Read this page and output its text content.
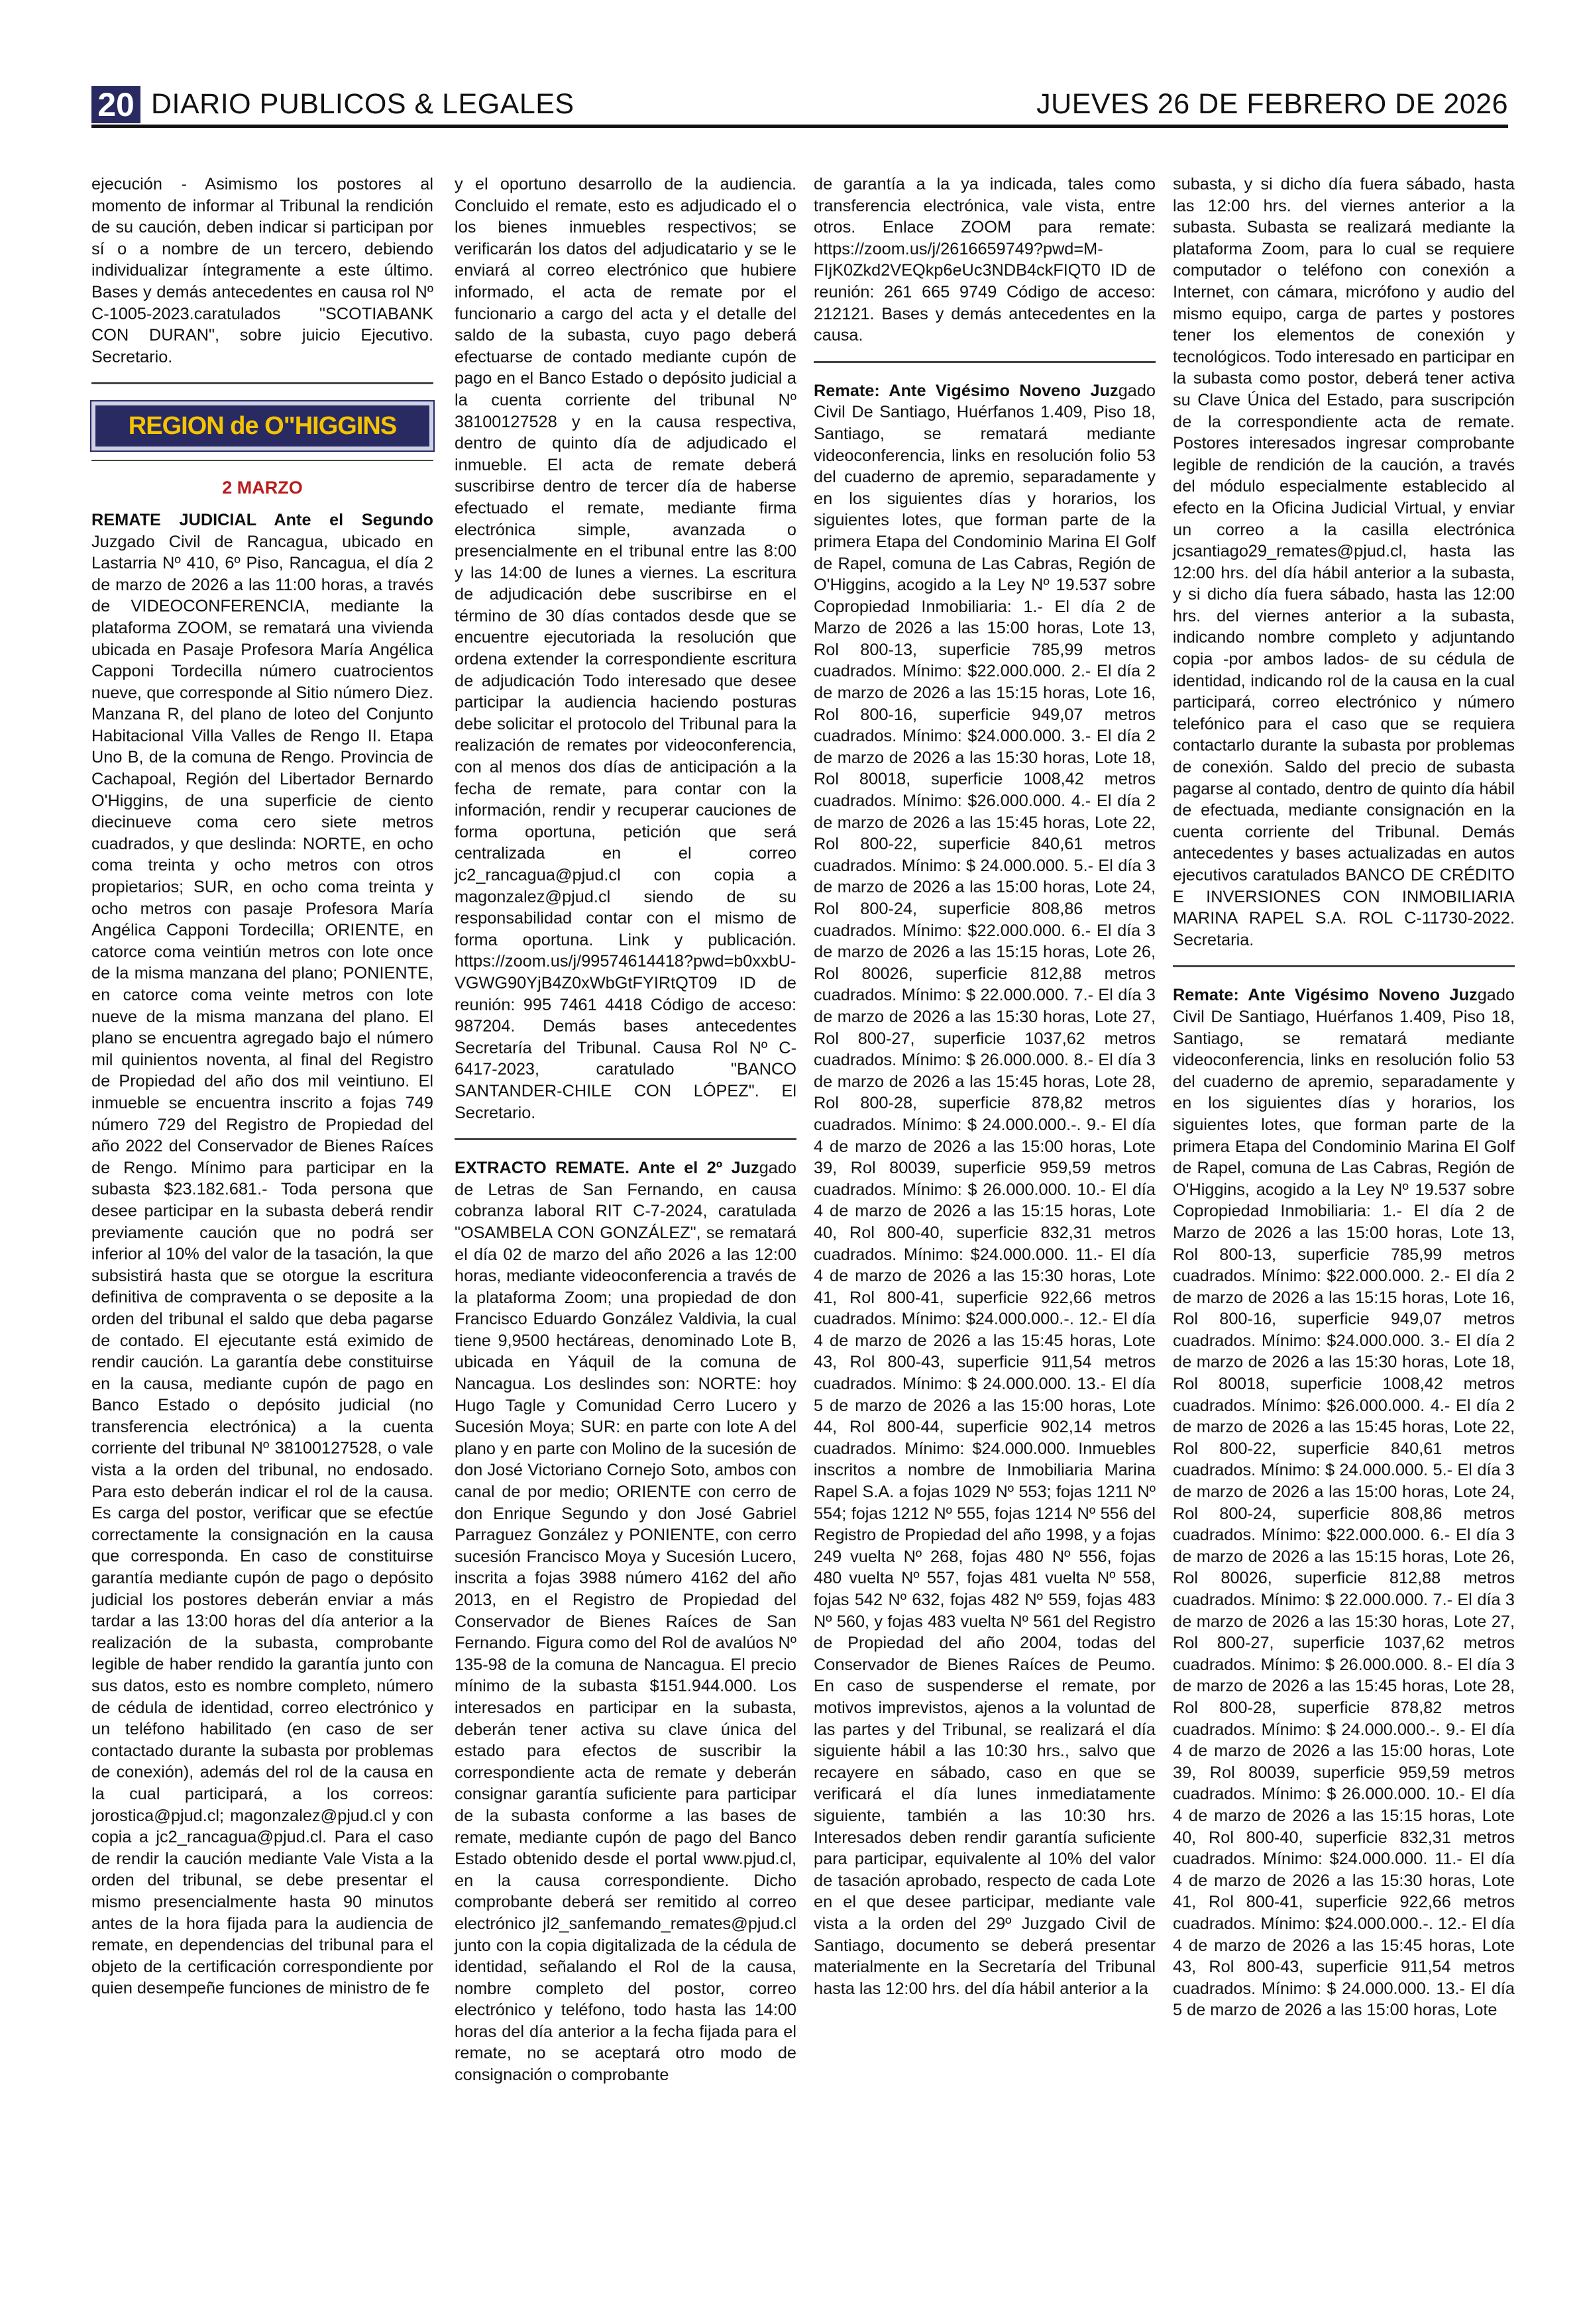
20 DIARIO PUBLICOS & LEGALES	JUEVES 26 DE FEBRERO DE 2026

ejecución - Asimismo los postores al momento de informar al Tribunal la rendición de su caución, deben indicar si participan por sí o a nombre de un tercero, debiendo individualizar íntegramente a este último. Bases y demás antecedentes en causa rol Nº C-1005-2023.caratulados "SCOTIABANK CON DURAN", sobre juicio Ejecutivo. Secretario.

REGION de O"HIGGINS
2 MARZO

REMATE JUDICIAL Ante el Segundo Juzgado Civil de Rancagua, ubicado en Lastarria Nº 410, 6º Piso, Rancagua, el día 2 de marzo de 2026 a las 11:00 horas, a través de VIDEOCONFERENCIA, mediante la plataforma ZOOM, se rematará una vivienda ubicada en Pasaje Profesora María Angélica Capponi Tordecilla número cuatrocientos nueve, que corresponde al Sitio número Diez. Manzana R, del plano de loteo del Conjunto Habitacional Villa Valles de Rengo II. Etapa Uno B, de la comuna de Rengo. Provincia de Cachapoal, Región del Libertador Bernardo O'Higgins, de una superficie de ciento diecinueve coma cero siete metros cuadrados, y que deslinda: NORTE, en ocho coma treinta y ocho metros con otros propietarios; SUR, en ocho coma treinta y ocho metros con pasaje Profesora María Angélica Capponi Tordecilla; ORIENTE, en catorce coma veintiún metros con lote once de la misma manzana del plano; PONIENTE, en catorce coma veinte metros con lote nueve de la misma manzana del plano. El plano se encuentra agregado bajo el número mil quinientos noventa, al final del Registro de Propiedad del año dos mil veintiuno. El inmueble se encuentra inscrito a fojas 749 número 729 del Registro de Propiedad del año 2022 del Conservador de Bienes Raíces de Rengo. Mínimo para participar en la subasta $23.182.681.- Toda persona que desee participar en la subasta deberá rendir previamente caución que no podrá ser inferior al 10% del valor de la tasación, la que subsistirá hasta que se otorgue la escritura definitiva de compraventa o se deposite a la orden del tribunal el saldo que deba pagarse de contado. El ejecutante está eximido de rendir caución. La garantía debe constituirse en la causa, mediante cupón de pago en Banco Estado o depósito judicial (no transferencia electrónica) a la cuenta corriente del tribunal Nº 38100127528, o vale vista a la orden del tribunal, no endosado. Para esto deberán indicar el rol de la causa. Es carga del postor, verificar que se efectúe correctamente la consignación en la causa que corresponda. En caso de constituirse garantía mediante cupón de pago o depósito judicial los postores deberán enviar a más tardar a las 13:00 horas del día anterior a la realización de la subasta, comprobante legible de haber rendido la garantía junto con sus datos, esto es nombre completo, número de cédula de identidad, correo electrónico y un teléfono habilitado (en caso de ser contactado durante la subasta por problemas de conexión), además del rol de la causa en la cual participará, a los correos: jorostica@pjud.cl; magonzalez@pjud.cl y con copia a jc2_rancagua@pjud.cl. Para el caso de rendir la caución mediante Vale Vista a la orden del tribunal, se debe presentar el mismo presencialmente hasta 90 minutos antes de la hora fijada para la audiencia de remate, en dependencias del tribunal para el objeto de la certificación correspondiente por quien desempeñe funciones de ministro de fe

y el oportuno desarrollo de la audiencia. Concluido el remate, esto es adjudicado el o los bienes inmuebles respectivos; se verificarán los datos del adjudicatario y se le enviará al correo electrónico que hubiere informado, el acta de remate por el funcionario a cargo del acta y el detalle del saldo de la subasta, cuyo pago deberá efectuarse de contado mediante cupón de pago en el Banco Estado o depósito judicial a la cuenta corriente del tribunal Nº 38100127528 y en la causa respectiva, dentro de quinto día de adjudicado el inmueble. El acta de remate deberá suscribirse dentro de tercer día de haberse efectuado el remate, mediante firma electrónica simple, avanzada o presencialmente en el tribunal entre las 8:00 y las 14:00 de lunes a viernes. La escritura de adjudicación debe suscribirse en el término de 30 días contados desde que se encuentre ejecutoriada la resolución que ordena extender la correspondiente escritura de adjudicación Todo interesado que desee participar la audiencia haciendo posturas debe solicitar el protocolo del Tribunal para la realización de remates por videoconferencia, con al menos dos días de anticipación a la fecha de remate, para contar con la información, rendir y recuperar cauciones de forma oportuna, petición que será centralizada en el correo jc2_rancagua@pjud.cl con copia a magonzalez@pjud.cl siendo de su responsabilidad contar con el mismo de forma oportuna. Link y publicación. https://zoom.us/j/99574614418?pwd=b0xxbU-VGWG90YjB4Z0xWbGtFYIRtQT09 ID de reunión: 995 7461 4418 Código de acceso: 987204. Demás bases antecedentes Secretaría del Tribunal. Causa Rol Nº C-6417-2023, caratulado "BANCO SANTANDER-CHILE CON LÓPEZ". El Secretario.

EXTRACTO REMATE. Ante el 2º Juzgado de Letras de San Fernando, en causa cobranza laboral RIT C-7-2024, caratulada "OSAMBELA CON GONZÁLEZ", se rematará el día 02 de marzo del año 2026 a las 12:00 horas, mediante videoconferencia a través de la plataforma Zoom; una propiedad de don Francisco Eduardo González Valdivia, la cual tiene 9,9500 hectáreas, denominado Lote B, ubicada en Yáquil de la comuna de Nancagua. Los deslindes son: NORTE: hoy Hugo Tagle y Comunidad Cerro Lucero y Sucesión Moya; SUR: en parte con lote A del plano y en parte con Molino de la sucesión de don José Victoriano Cornejo Soto, ambos con canal de por medio; ORIENTE con cerro de don Enrique Segundo y don José Gabriel Parraguez González y PONIENTE, con cerro sucesión Francisco Moya y Sucesión Lucero, inscrita a fojas 3988 número 4162 del año 2013, en el Registro de Propiedad del Conservador de Bienes Raíces de San Fernando. Figura como del Rol de avalúos Nº 135-98 de la comuna de Nancagua. El precio mínimo de la subasta $151.944.000. Los interesados en participar en la subasta, deberán tener activa su clave única del estado para efectos de suscribir la correspondiente acta de remate y deberán consignar garantía suficiente para participar de la subasta conforme a las bases de remate, mediante cupón de pago del Banco Estado obtenido desde el portal www.pjud.cl, en la causa correspondiente. Dicho comprobante deberá ser remitido al correo electrónico jl2_sanfemando_remates@pjud.cl junto con la copia digitalizada de la cédula de identidad, señalando el Rol de la causa, nombre completo del postor, correo electrónico y teléfono, todo hasta las 14:00 horas del día anterior a la fecha fijada para el remate, no se aceptará otro modo de consignación o comprobante

de garantía a la ya indicada, tales como transferencia electrónica, vale vista, entre otros. Enlace ZOOM para remate: https://zoom.us/j/2616659749?pwd=M-FIjK0Zkd2VEQkp6eUc3NDB4ckFIQT0 ID de reunión: 261 665 9749 Código de acceso: 212121. Bases y demás antecedentes en la causa.

Remate: Ante Vigésimo Noveno Juzgado Civil De Santiago, Huérfanos 1.409, Piso 18, Santiago, se rematará mediante videoconferencia, links en resolución folio 53 del cuaderno de apremio, separadamente y en los siguientes días y horarios, los siguientes lotes, que forman parte de la primera Etapa del Condominio Marina El Golf de Rapel, comuna de Las Cabras, Región de O'Higgins, acogido a la Ley Nº 19.537 sobre Copropiedad Inmobiliaria: 1.- El día 2 de Marzo de 2026 a las 15:00 horas, Lote 13, Rol 800-13, superficie 785,99 metros cuadrados. Mínimo: $22.000.000. 2.- El día 2 de marzo de 2026 a las 15:15 horas, Lote 16, Rol 800-16, superficie 949,07 metros cuadrados. Mínimo: $24.000.000. 3.- El día 2 de marzo de 2026 a las 15:30 horas, Lote 18, Rol 80018, superficie 1008,42 metros cuadrados. Mínimo: $26.000.000. 4.- El día 2 de marzo de 2026 a las 15:45 horas, Lote 22, Rol 800-22, superficie 840,61 metros cuadrados. Mínimo: $ 24.000.000. 5.- El día 3 de marzo de 2026 a las 15:00 horas, Lote 24, Rol 800-24, superficie 808,86 metros cuadrados. Mínimo: $22.000.000. 6.- El día 3 de marzo de 2026 a las 15:15 horas, Lote 26, Rol 80026, superficie 812,88 metros cuadrados. Mínimo: $ 22.000.000. 7.- El día 3 de marzo de 2026 a las 15:30 horas, Lote 27, Rol 800-27, superficie 1037,62 metros cuadrados. Mínimo: $ 26.000.000. 8.- El día 3 de marzo de 2026 a las 15:45 horas, Lote 28, Rol 800-28, superficie 878,82 metros cuadrados. Mínimo: $ 24.000.000.-. 9.- El día 4 de marzo de 2026 a las 15:00 horas, Lote 39, Rol 80039, superficie 959,59 metros cuadrados. Mínimo: $ 26.000.000. 10.- El día 4 de marzo de 2026 a las 15:15 horas, Lote 40, Rol 800-40, superficie 832,31 metros cuadrados. Mínimo: $24.000.000. 11.- El día 4 de marzo de 2026 a las 15:30 horas, Lote 41, Rol 800-41, superficie 922,66 metros cuadrados. Mínimo: $24.000.000.-. 12.- El día 4 de marzo de 2026 a las 15:45 horas, Lote 43, Rol 800-43, superficie 911,54 metros cuadrados. Mínimo: $ 24.000.000. 13.- El día 5 de marzo de 2026 a las 15:00 horas, Lote 44, Rol 800-44, superficie 902,14 metros cuadrados. Mínimo: $24.000.000. Inmuebles inscritos a nombre de Inmobiliaria Marina Rapel S.A. a fojas 1029 Nº 553; fojas 1211 Nº 554; fojas 1212 Nº 555, fojas 1214 Nº 556 del Registro de Propiedad del año 1998, y a fojas 249 vuelta Nº 268, fojas 480 Nº 556, fojas 480 vuelta Nº 557, fojas 481 vuelta Nº 558, fojas 542 Nº 632, fojas 482 Nº 559, fojas 483 Nº 560, y fojas 483 vuelta Nº 561 del Registro de Propiedad del año 2004, todas del Conservador de Bienes Raíces de Peumo. En caso de suspenderse el remate, por motivos imprevistos, ajenos a la voluntad de las partes y del Tribunal, se realizará el día siguiente hábil a las 10:30 hrs., salvo que recayere en sábado, caso en que se verificará el día lunes inmediatamente siguiente, también a las 10:30 hrs. Interesados deben rendir garantía suficiente para participar, equivalente al 10% del valor de tasación aprobado, respecto de cada Lote en el que desee participar, mediante vale vista a la orden del 29º Juzgado Civil de Santiago, documento se deberá presentar materialmente en la Secretaría del Tribunal hasta las 12:00 hrs. del día hábil anterior a la

subasta, y si dicho día fuera sábado, hasta las 12:00 hrs. del viernes anterior a la subasta. Subasta se realizará mediante la plataforma Zoom, para lo cual se requiere computador o teléfono con conexión a Internet, con cámara, micrófono y audio del mismo equipo, carga de partes y postores tener los elementos de conexión y tecnológicos. Todo interesado en participar en la subasta como postor, deberá tener activa su Clave Única del Estado, para suscripción de la correspondiente acta de remate. Postores interesados ingresar comprobante legible de rendición de la caución, a través del módulo especialmente establecido al efecto en la Oficina Judicial Virtual, y enviar un correo a la casilla electrónica jcsantiago29_remates@pjud.cl, hasta las 12:00 hrs. del día hábil anterior a la subasta, y si dicho día fuera sábado, hasta las 12:00 hrs. del viernes anterior a la subasta, indicando nombre completo y adjuntando copia -por ambos lados- de su cédula de identidad, indicando rol de la causa en la cual participará, correo electrónico y número telefónico para el caso que se requiera contactarlo durante la subasta por problemas de conexión. Saldo del precio de subasta pagarse al contado, dentro de quinto día hábil de efectuada, mediante consignación en la cuenta corriente del Tribunal. Demás antecedentes y bases actualizadas en autos ejecutivos caratulados BANCO DE CRÉDITO E INVERSIONES CON INMOBILIARIA MARINA RAPEL S.A. ROL C-11730-2022. Secretaria.

Remate: Ante Vigésimo Noveno Juzgado Civil De Santiago, Huérfanos 1.409, Piso 18, Santiago, se rematará mediante videoconferencia, links en resolución folio 53 del cuaderno de apremio, separadamente y en los siguientes días y horarios, los siguientes lotes, que forman parte de la primera Etapa del Condominio Marina El Golf de Rapel, comuna de Las Cabras, Región de O'Higgins, acogido a la Ley Nº 19.537 sobre Copropiedad Inmobiliaria: 1.- El día 2 de Marzo de 2026 a las 15:00 horas, Lote 13, Rol 800-13, superficie 785,99 metros cuadrados. Mínimo: $22.000.000. 2.- El día 2 de marzo de 2026 a las 15:15 horas, Lote 16, Rol 800-16, superficie 949,07 metros cuadrados. Mínimo: $24.000.000. 3.- El día 2 de marzo de 2026 a las 15:30 horas, Lote 18, Rol 80018, superficie 1008,42 metros cuadrados. Mínimo: $26.000.000. 4.- El día 2 de marzo de 2026 a las 15:45 horas, Lote 22, Rol 800-22, superficie 840,61 metros cuadrados. Mínimo: $ 24.000.000. 5.- El día 3 de marzo de 2026 a las 15:00 horas, Lote 24, Rol 800-24, superficie 808,86 metros cuadrados. Mínimo: $22.000.000. 6.- El día 3 de marzo de 2026 a las 15:15 horas, Lote 26, Rol 80026, superficie 812,88 metros cuadrados. Mínimo: $ 22.000.000. 7.- El día 3 de marzo de 2026 a las 15:30 horas, Lote 27, Rol 800-27, superficie 1037,62 metros cuadrados. Mínimo: $ 26.000.000. 8.- El día 3 de marzo de 2026 a las 15:45 horas, Lote 28, Rol 800-28, superficie 878,82 metros cuadrados. Mínimo: $ 24.000.000.-. 9.- El día 4 de marzo de 2026 a las 15:00 horas, Lote 39, Rol 80039, superficie 959,59 metros cuadrados. Mínimo: $ 26.000.000. 10.- El día 4 de marzo de 2026 a las 15:15 horas, Lote 40, Rol 800-40, superficie 832,31 metros cuadrados. Mínimo: $24.000.000. 11.- El día 4 de marzo de 2026 a las 15:30 horas, Lote 41, Rol 800-41, superficie 922,66 metros cuadrados. Mínimo: $24.000.000.-. 12.- El día 4 de marzo de 2026 a las 15:45 horas, Lote 43, Rol 800-43, superficie 911,54 metros cuadrados. Mínimo: $ 24.000.000. 13.- El día 5 de marzo de 2026 a las 15:00 horas, Lote
